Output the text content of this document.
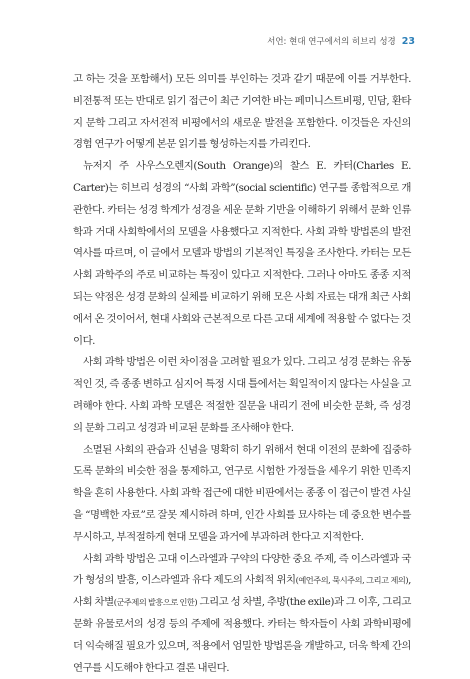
서언: 현대 연구에서의 히브리 성경 23

고 하는 것을 포함해서) 모든 의미를 부인하는 것과 같기 때문에 이를 거부한다. 비전통적 또는 반대로 읽기 접근이 최근 기여한 바는 페미니스트비평, 민담, 환타지 문학 그리고 자서전적 비평에서의 새로운 발전을 포함한다. 이것들은 자신의 경험 연구가 어떻게 본문 읽기를 형성하는지를 가리킨다.

뉴저지 주 사우스오렌지(South Orange)의 찰스 E. 카터(Charles E. Carter)는 히브리 성경의 “사회 과학”(social scientific) 연구를 종합적으로 개관한다. 카터는 성경 학계가 성경을 세운 문화 기반을 이해하기 위해서 문화 인류학과 거대 사회학에서의 모델을 사용했다고 지적한다. 사회 과학 방법론의 발전 역사를 따르며, 이 글에서 모델과 방법의 기본적인 특징을 조사한다. 카터는 모든 사회 과학주의 주로 비교하는 특징이 있다고 지적한다. 그러나 아마도 종종 지적되는 약점은 성경 문화의 실체를 비교하기 위해 모은 사회 자료는 대개 최근 사회에서 온 것이어서, 현대 사회와 근본적으로 다른 고대 세계에 적용할 수 없다는 것이다.

사회 과학 방법은 이런 차이점을 고려할 필요가 있다. 그리고 성경 문화는 유동적인 것, 즉 종종 변하고 심지어 특정 시대 틀에서는 획일적이지 않다는 사실을 고려해야 한다. 사회 과학 모델은 적절한 질문을 내리기 전에 비슷한 문화, 즉 성경의 문화 그리고 성경과 비교된 문화를 조사해야 한다.

소멸된 사회의 관습과 신념을 명확히 하기 위해서 현대 이전의 문화에 집중하도록 문화의 비슷한 점을 통제하고, 연구로 시험한 가정들을 세우기 위한 민족지학을 흔히 사용한다. 사회 과학 접근에 대한 비판에서는 종종 이 접근이 발견 사실을 “명백한 자료”로 잘못 제시하려 하며, 인간 사회를 묘사하는 데 중요한 변수를 무시하고, 부적절하게 현대 모델을 과거에 부과하려 한다고 지적한다.

사회 과학 방법은 고대 이스라엘과 구약의 다양한 중요 주제, 즉 이스라엘과 국가 형성의 발흥, 이스라엘과 유다 제도의 사회적 위치(예언주의, 묵시주의, 그리고 제의), 사회 차별(군주제의 발흥으로 인한) 그리고 성 차별, 추방(the exile)과 그 이후, 그리고 문화 유물로서의 성경 등의 주제에 적용했다. 카터는 학자들이 사회 과학비평에 더 익숙해질 필요가 있으며, 적용에서 엄밀한 방법론을 개발하고, 더욱 학제 간의 연구를 시도해야 한다고 결론 내린다.
